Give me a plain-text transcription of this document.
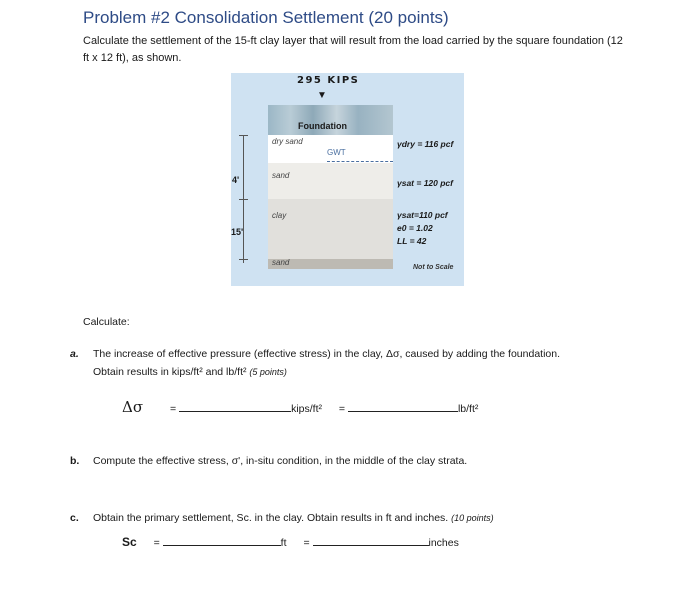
Problem #2 Consolidation Settlement (20 points)
Calculate the settlement of the 15-ft clay layer that will result from the load carried by the square foundation (12 ft x 12 ft), as shown.
295 KIPS
▼
Foundation
dry sand
sand
clay
sand
GWT
γdry = 116 pcf
γsat = 120 pcf
γsat=110 pcf
e0 = 1.02
LL = 42
4'
15'
Not to Scale
Calculate:
a. The increase of effective pressure (effective stress) in the clay, Δσ, caused by adding the foundation.
Obtain results in kips/ft² and lb/ft² (5 points)
Δσ	=	kips/ft² =	lb/ft²
b. Compute the effective stress, σ', in-situ condition, in the middle of the clay strata.
c. Obtain the primary settlement, Sc. in the clay. Obtain results in ft and inches. (10 points)
Sc =	ft =	inches
